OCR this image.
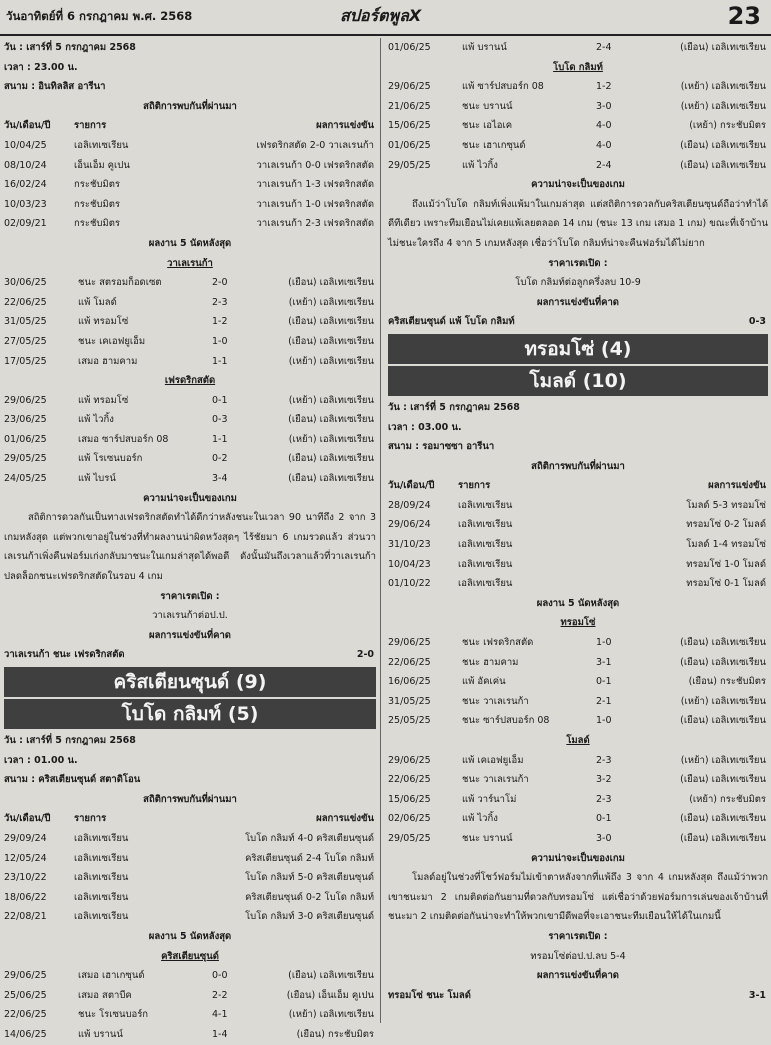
วันอาทิตย์ที่ 6 กรกฎาคม พ.ศ. 2568	สปอร์ตพูลX	23
วัน : เสาร์ที่ 5 กรกฎาคม 2568
เวลา : 23.00 น.
สนาม : อินทิลลิส อารีนา
สถิติการพบกันที่ผ่านมา
วัน/เดือน/ปี รายการ	ผลการแข่งขัน
10/04/25	เอลิเทเซเรียน	เฟรดริกสตัด 2-0 วาเลเรนก้า
08/10/24	เอ็นเอ็ม คูเปน	วาเลเรนก้า 0-0 เฟรดริกสตัด
16/02/24	กระชับมิตร	วาเลเรนก้า 1-3 เฟรดริกสตัด
10/03/23	กระชับมิตร	วาเลเรนก้า 1-0 เฟรดริกสตัด
02/09/21	กระชับมิตร	วาเลเรนก้า 2-3 เฟรดริกสตัด
ผลงาน 5 นัดหลังสุด
วาเลเรนก้า
30/06/25	ชนะ สตรอมก็อดเซต	2-0	(เยือน) เอลิเทเซเรียน
22/06/25	แพ้ โมลด์	2-3	(เหย้า) เอลิเทเซเรียน
31/05/25	แพ้ ทรอมโซ่	1-2	(เยือน) เอลิเทเซเรียน
27/05/25	ชนะ เคเอฟยูเอ็ม	1-0	(เยือน) เอลิเทเซเรียน
17/05/25	เสมอ ฮามคาม	1-1	(เหย้า) เอลิเทเซเรียน
เฟรดริกสตัด
29/06/25	แพ้ ทรอมโซ่	0-1	(เหย้า) เอลิเทเซเรียน
23/06/25	แพ้ ไวกิ้ง	0-3	(เยือน) เอลิเทเซเรียน
01/06/25	เสมอ ซาร์ปสบอร์ก 08	1-1	(เหย้า) เอลิเทเซเรียน
29/05/25	แพ้ โรเซนบอร์ก	0-2	(เยือน) เอลิเทเซเรียน
24/05/25	แพ้ ไบรน์	3-4	(เยือน) เอลิเทเซเรียน
ความน่าจะเป็นของเกม
สถิติการดวลกันเป็นทางเฟรดริกสตัดทำได้ดีกว่าหลังชนะในเวลา 90 นาทีถึง 2 จาก 3 เกมหลังสุด แต่พวกเขาอยู่ในช่วงที่ทำผลงานน่าผิดหวังสุดๆ ไร้ชัยมา 6 เกมรวดแล้ว ส่วนวาเลเรนก้าเพิ่งคืนฟอร์มเก่งกลับมาชนะในเกมล่าสุดได้พอดี ดังนั้นมันถึงเวลาแล้วที่วาเลเรนก้าปลดล็อกชนะเฟรดริกสตัดในรอบ 4 เกม
ราคาเรตเปิด :
วาเลเรนก้าต่อป.ป.
ผลการแข่งขันที่คาด
วาเลเรนก้า ชนะ เฟรดริกสตัด	2-0
คริสเตียนซุนด์ (9)
โบโด กลิมท์ (5)
วัน : เสาร์ที่ 5 กรกฎาคม 2568
เวลา : 01.00 น.
สนาม : คริสเตียนซุนด์ สตาดิโอน
สถิติการพบกันที่ผ่านมา
วัน/เดือน/ปี รายการ	ผลการแข่งขัน
29/09/24	เอลิเทเซเรียน	โบโด กลิมท์ 4-0 คริสเตียนซุนด์
12/05/24	เอลิเทเซเรียน	คริสเตียนซุนด์ 2-4 โบโด กลิมท์
23/10/22	เอลิเทเซเรียน	โบโด กลิมท์ 5-0 คริสเตียนซุนด์
18/06/22	เอลิเทเซเรียน	คริสเตียนซุนด์ 0-2 โบโด กลิมท์
22/08/21	เอลิเทเซเรียน	โบโด กลิมท์ 3-0 คริสเตียนซุนด์
ผลงาน 5 นัดหลังสุด
คริสเตียนซุนด์
29/06/25	เสมอ เฮาเกซุนด์	0-0	(เยือน) เอลิเทเซเรียน
25/06/25	เสมอ สตาบีค	2-2	(เยือน) เอ็นเอ็ม คูเปน
22/06/25	ชนะ โรเซนบอร์ก	4-1	(เหย้า) เอลิเทเซเรียน
14/06/25	แพ้ บรานน์	1-4	(เยือน) กระชับมิตร
01/06/25	แพ้ บรานน์	2-4	(เยือน) เอลิเทเซเรียน
โบโด กลิมท์
29/06/25	แพ้ ซาร์ปสบอร์ก 08	1-2	(เหย้า) เอลิเทเซเรียน
21/06/25	ชนะ บรานน์	3-0	(เหย้า) เอลิเทเซเรียน
15/06/25	ชนะ เอไอเค	4-0	(เหย้า) กระชับมิตร
01/06/25	ชนะ เฮาเกซุนด์	4-0	(เยือน) เอลิเทเซเรียน
29/05/25	แพ้ ไวกิ้ง	2-4	(เยือน) เอลิเทเซเรียน
ความน่าจะเป็นของเกม
ถึงแม้ว่าโบโด กลิมท์เพิ่งแพ้มาในเกมล่าสุด แต่สถิติการดวลกับคริสเตียนซุนด์ถือว่าทำได้ดีทีเดียว เพราะทีมเยือนไม่เคยแพ้เลยตลอด 14 เกม (ชนะ 13 เกม เสมอ 1 เกม) ขณะที่เจ้าบ้านไม่ชนะใครถึง 4 จาก 5 เกมหลังสุด เชื่อว่าโบโด กลิมท์น่าจะคืนฟอร์มได้ไม่ยาก
ราคาเรตเปิด :
โบโด กลิมท์ต่อลูกครึ่งลบ 10-9
ผลการแข่งขันที่คาด
คริสเตียนซุนด์ แพ้ โบโด กลิมท์	0-3
ทรอมโซ่ (4)
โมลด์ (10)
วัน : เสาร์ที่ 5 กรกฎาคม 2568
เวลา : 03.00 น.
สนาม : รอมาซซา อารีนา
สถิติการพบกันที่ผ่านมา
วัน/เดือน/ปี รายการ	ผลการแข่งขัน
28/09/24	เอลิเทเซเรียน	โมลด์ 5-3 ทรอมโซ่
29/06/24	เอลิเทเซเรียน	ทรอมโซ่ 0-2 โมลด์
31/10/23	เอลิเทเซเรียน	โมลด์ 1-4 ทรอมโซ่
10/04/23	เอลิเทเซเรียน	ทรอมโซ่ 1-0 โมลด์
01/10/22	เอลิเทเซเรียน	ทรอมโซ่ 0-1 โมลด์
ผลงาน 5 นัดหลังสุด
ทรอมโซ่
29/06/25	ชนะ เฟรดริกสตัด	1-0	(เยือน) เอลิเทเซเรียน
22/06/25	ชนะ ฮามคาม	3-1	(เยือน) เอลิเทเซเรียน
16/06/25	แพ้ อัคเค่น	0-1	(เยือน) กระชับมิตร
31/05/25	ชนะ วาเลเรนก้า	2-1	(เหย้า) เอลิเทเซเรียน
25/05/25	ชนะ ซาร์ปสบอร์ก 08	1-0	(เยือน) เอลิเทเซเรียน
โมลด์
29/06/25	แพ้ เคเอฟยูเอ็ม	2-3	(เหย้า) เอลิเทเซเรียน
22/06/25	ชนะ วาเลเรนก้า	3-2	(เยือน) เอลิเทเซเรียน
15/06/25	แพ้ วาร์นาโม่	2-3	(เหย้า) กระชับมิตร
02/06/25	แพ้ ไวกิ้ง	0-1	(เยือน) เอลิเทเซเรียน
29/05/25	ชนะ บรานน์	3-0	(เยือน) เอลิเทเซเรียน
ความน่าจะเป็นของเกม
โมลด์อยู่ในช่วงที่โชว์ฟอร์มไม่เข้าตาหลังจากที่แพ้ถึง 3 จาก 4 เกมหลังสุด ถึงแม้ว่าพวกเขาชนะมา 2 เกมติดต่อกันยามที่ดวลกับทรอมโซ่ แต่เชื่อว่าด้วยฟอร์มการเล่นของเจ้าบ้านที่ชนะมา 2 เกมติดต่อกันน่าจะทำให้พวกเขามีดีพอที่จะเอาชนะทีมเยือนให้ได้ในเกมนี้
ราคาเรตเปิด :
ทรอมโซ่ต่อป.ป.ลบ 5-4
ผลการแข่งขันที่คาด
ทรอมโซ่ ชนะ โมลด์	3-1
